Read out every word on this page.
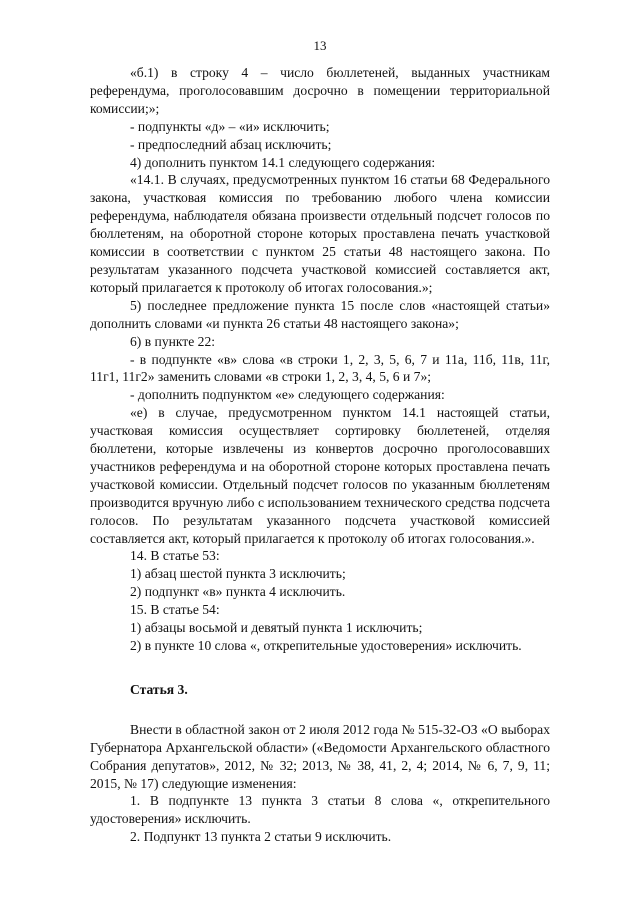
13

«б.1) в строку 4 – число бюллетеней, выданных участникам референдума, проголосовавшим досрочно в помещении территориальной комиссии;»;

- подпункты «д» – «и» исключить;

- предпоследний абзац исключить;

4) дополнить пунктом 14.1 следующего содержания:

«14.1. В случаях, предусмотренных пунктом 16 статьи 68 Федерального закона, участковая комиссия по требованию любого члена комиссии референдума, наблюдателя обязана произвести отдельный подсчет голосов по бюллетеням, на оборотной стороне которых проставлена печать участковой комиссии в соответствии с пунктом 25 статьи 48 настоящего закона. По результатам указанного подсчета участковой комиссией составляется акт, который прилагается к протоколу об итогах голосования.»;

5) последнее предложение пункта 15 после слов «настоящей статьи» дополнить словами «и пункта 26 статьи 48 настоящего закона»;

6) в пункте 22:

- в подпункте «в» слова «в строки 1, 2, 3, 5, 6, 7 и 11а, 11б, 11в, 11г, 11г1, 11г2» заменить словами «в строки 1, 2, 3, 4, 5, 6 и 7»;

- дополнить подпунктом «е» следующего содержания:

«е) в случае, предусмотренном пунктом 14.1 настоящей статьи, участковая комиссия осуществляет сортировку бюллетеней, отделяя бюллетени, которые извлечены из конвертов досрочно проголосовавших участников референдума и на оборотной стороне которых проставлена печать участковой комиссии. Отдельный подсчет голосов по указанным бюллетеням производится вручную либо с использованием технического средства подсчета голосов. По результатам указанного подсчета участковой комиссией составляется акт, который прилагается к протоколу об итогах голосования.».

14. В статье 53:

1) абзац шестой пункта 3 исключить;

2) подпункт «в» пункта 4 исключить.

15. В статье 54:

1) абзацы восьмой и девятый пункта 1 исключить;

2) в пункте 10 слова «, открепительные удостоверения» исключить.

Статья 3.

Внести в областной закон от 2 июля 2012 года № 515-32-ОЗ «О выборах Губернатора Архангельской области» («Ведомости Архангельского областного Собрания депутатов», 2012, № 32; 2013, № 38, 41, 2, 4; 2014, № 6, 7, 9, 11; 2015, № 17) следующие изменения:

1. В подпункте 13 пункта 3 статьи 8 слова «, открепительного удостоверения» исключить.

2. Подпункт 13 пункта 2 статьи 9 исключить.
